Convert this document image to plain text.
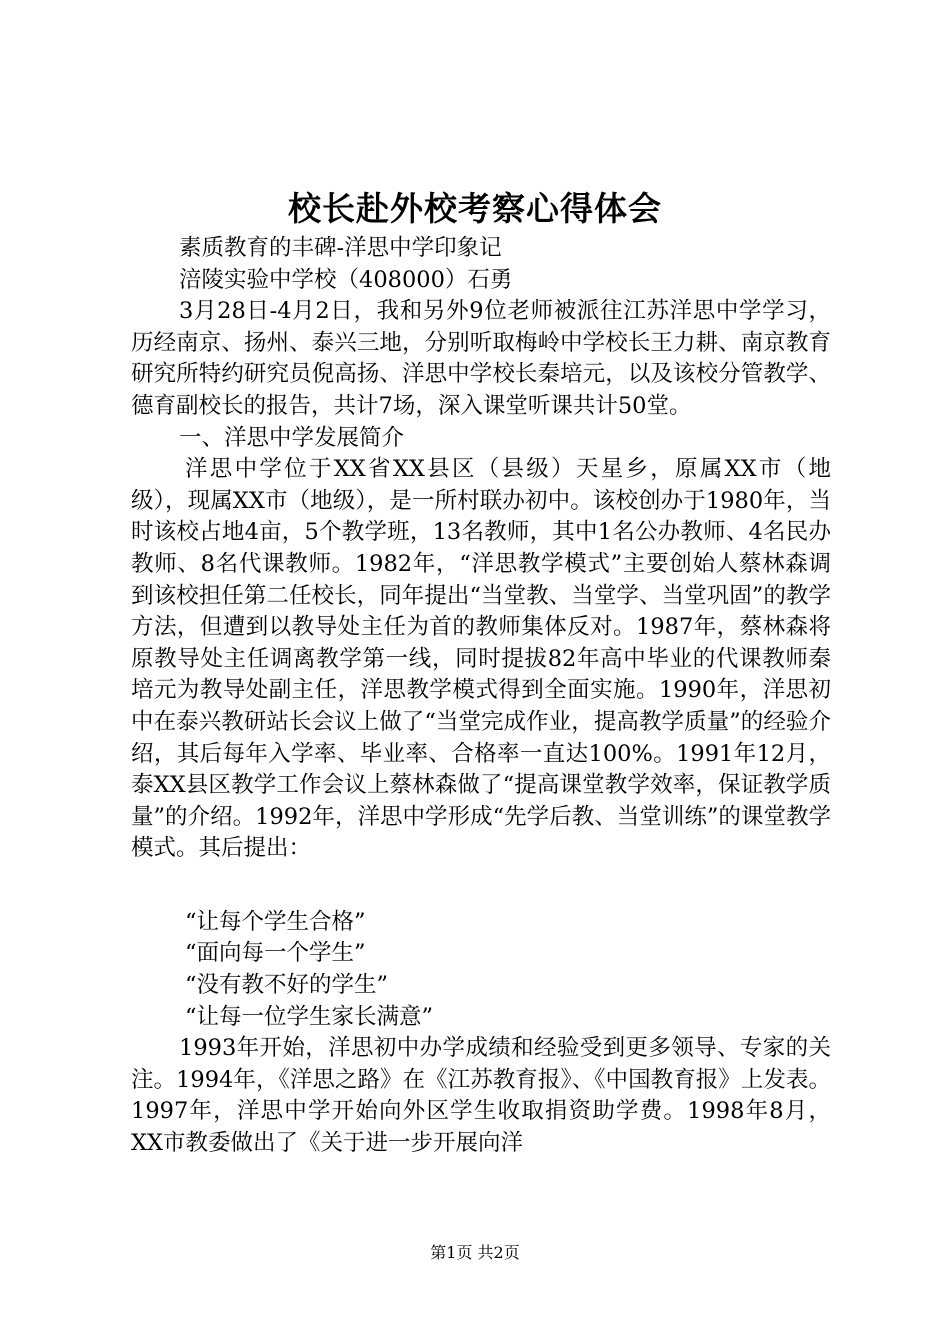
校长赴外校考察心得体会

素质教育的丰碑-洋思中学印象记

涪陵实验中学校（408000）石勇

3月28日-4月2日，我和另外9位老师被派往江苏洋思中学学习，历经南京、扬州、泰兴三地，分别听取梅岭中学校长王力耕、南京教育研究所特约研究员倪高扬、洋思中学校长秦培元，以及该校分管教学、德育副校长的报告，共计7场，深入课堂听课共计50堂。

一、洋思中学发展简介

洋思中学位于XX省XX县区（县级）天星乡，原属XX市（地级），现属XX市（地级），是一所村联办初中。该校创办于1980年，当时该校占地4亩，5个教学班，13名教师，其中1名公办教师、4名民办教师、8名代课教师。1982年，“洋思教学模式”主要创始人蔡林森调到该校担任第二任校长，同年提出“当堂教、当堂学、当堂巩固”的教学方法，但遭到以教导处主任为首的教师集体反对。1987年，蔡林森将原教导处主任调离教学第一线，同时提拔82年高中毕业的代课教师秦培元为教导处副主任，洋思教学模式得到全面实施。1990年，洋思初中在泰兴教研站长会议上做了“当堂完成作业，提高教学质量”的经验介绍，其后每年入学率、毕业率、合格率一直达100%。1991年12月，泰XX县区教学工作会议上蔡林森做了“提高课堂教学效率，保证教学质量”的介绍。1992年，洋思中学形成“先学后教、当堂训练”的课堂教学模式。其后提出：

“让每个学生合格”

“面向每一个学生”

“没有教不好的学生”

“让每一位学生家长满意”

1993年开始，洋思初中办学成绩和经验受到更多领导、专家的关注。1994年，《洋思之路》在《江苏教育报》、《中国教育报》上发表。1997年，洋思中学开始向外区学生收取捐资助学费。1998年8月，XX市教委做出了《关于进一步开展向洋

第1页 共2页
